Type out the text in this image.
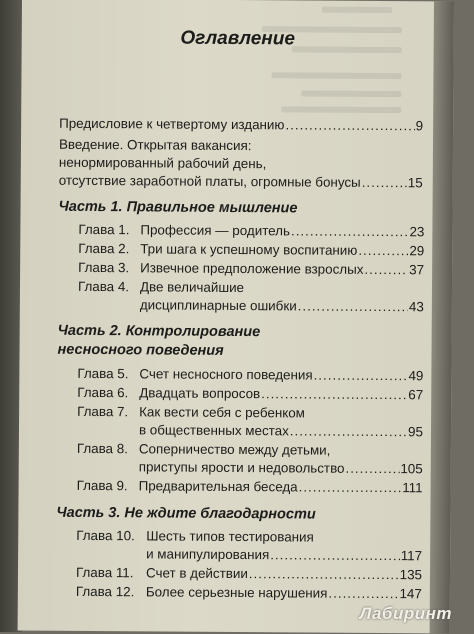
Оглавление
Предисловие к четвертому изданию .....	9
Введение. Открытая вакансия:
ненормированный рабочий день,
отсутствие заработной платы, огромные бонусы .....	15
Часть 1. Правильное мышление
Глава 1. Профессия — родитель .....	23
Глава 2. Три шага к успешному воспитанию .....	29
Глава 3. Извечное предположение взрослых .....	37
Глава 4. Две величайшие
дисциплинарные ошибки .....	43
Часть 2. Контролирование
несносного поведения
Глава 5. Счет несносного поведения .....	49
Глава 6. Двадцать вопросов .....	67
Глава 7. Как вести себя с ребенком
в общественных местах .....	95
Глава 8. Соперничество между детьми,
приступы ярости и недовольство .....	105
Глава 9. Предварительная беседа .....	111
Часть 3. Не ждите благодарности
Глава 10. Шесть типов тестирования
и манипулирования .....	117
Глава 11. Счет в действии .....	135
Глава 12. Более серьезные нарушения .....	147
Лабиринт
